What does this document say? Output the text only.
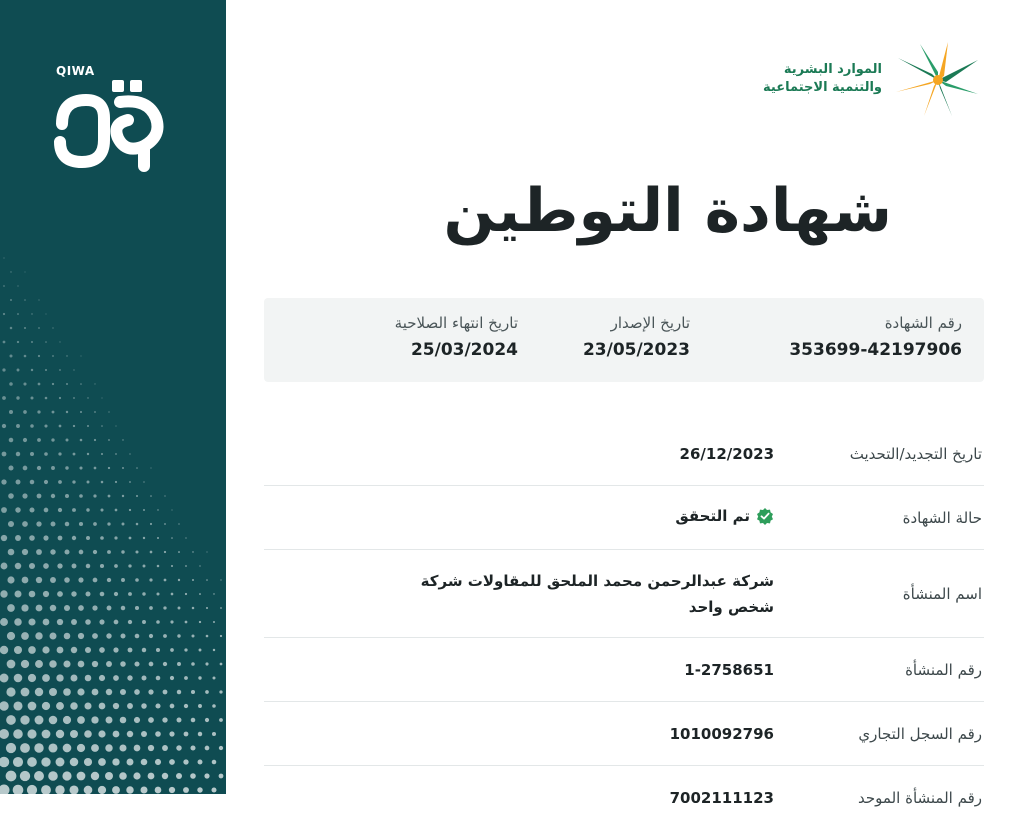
QIWA	الموارد البشرية
والتنمية الاجتماعية
شهادة التوطين
رقم الشهادة
353699-42197906
تاريخ الإصدار
23/05/2023
تاريخ انتهاء الصلاحية
25/03/2024
تاريخ التجديد/التحديث
26/12/2023
حالة الشهادة
تم التحقق
اسم المنشأة
شركة عبدالرحمن محمد الملحق للمقاولات شركة شخص واحد
رقم المنشأة
1-2758651
رقم السجل التجاري
1010092796
رقم المنشأة الموحد
7002111123
